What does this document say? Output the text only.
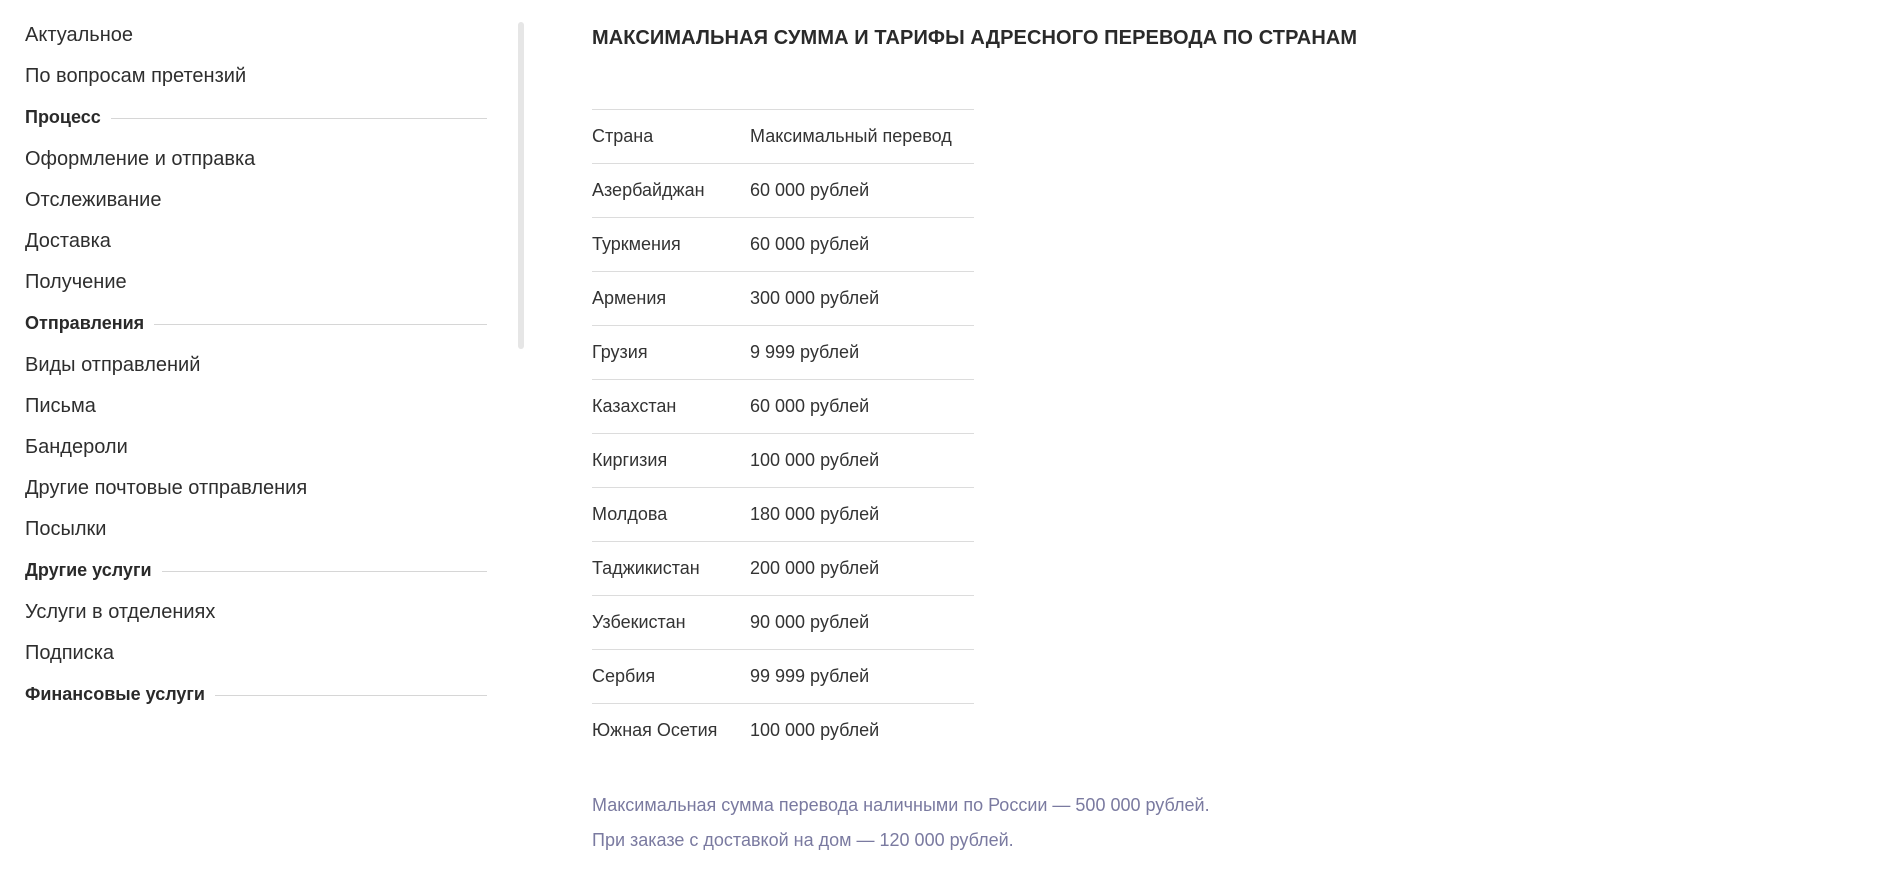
Актуальное
По вопросам претензий
Процесс
Оформление и отправка
Отслеживание
Доставка
Получение
Отправления
Виды отправлений
Письма
Бандероли
Другие почтовые отправления
Посылки
Другие услуги
Услуги в отделениях
Подписка
Финансовые услуги
МАКСИМАЛЬНАЯ СУММА И ТАРИФЫ АДРЕСНОГО ПЕРЕВОДА ПО СТРАНАМ
Страна	Максимальный перевод
Азербайджан	60 000 рублей
Туркмения	60 000 рублей
Армения	300 000 рублей
Грузия	9 999 рублей
Казахстан	60 000 рублей
Киргизия	100 000 рублей
Молдова	180 000 рублей
Таджикистан	200 000 рублей
Узбекистан	90 000 рублей
Сербия	99 999 рублей
Южная Осетия	100 000 рублей

Максимальная сумма перевода наличными по России — 500 000 рублей.

При заказе с доставкой на дом — 120 000 рублей.
